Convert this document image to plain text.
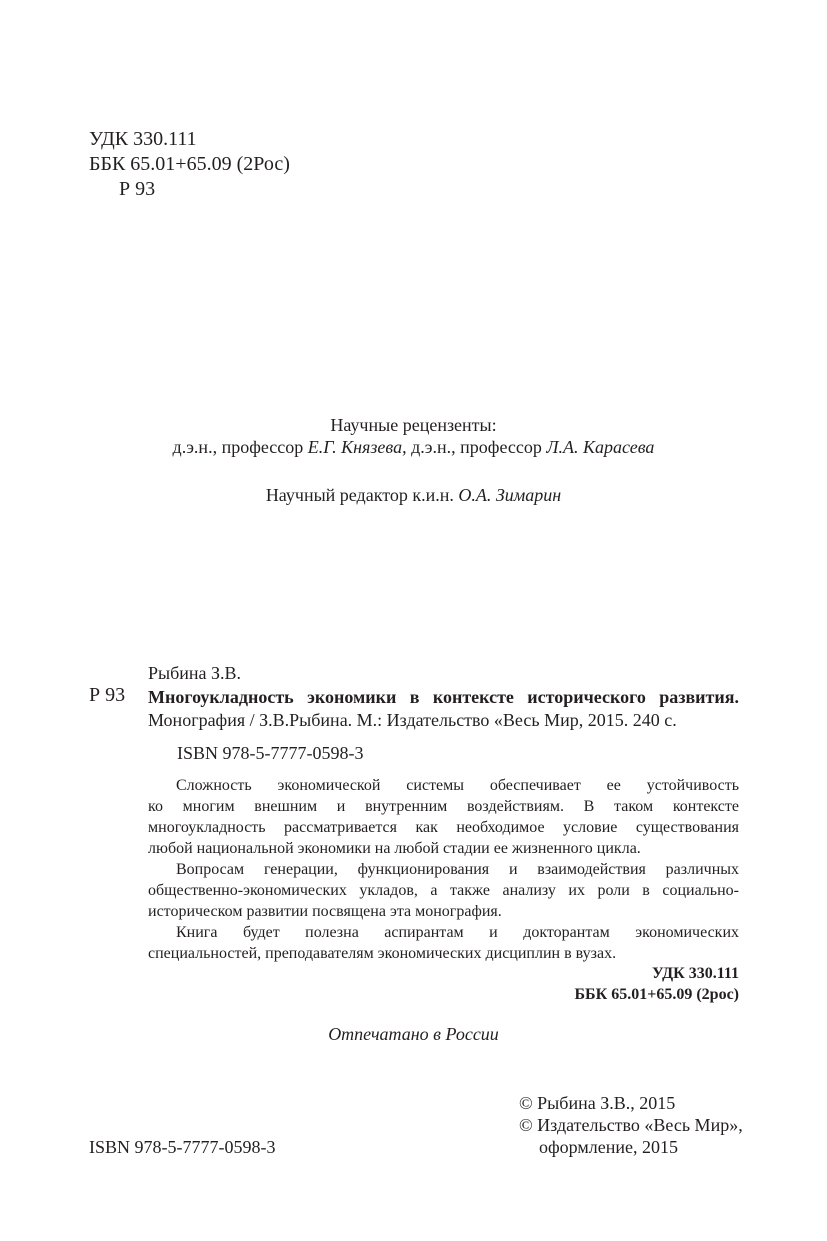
УДК 330.111
ББК 65.01+65.09 (2Рос)
Р 93
Научные рецензенты:
д.э.н., профессор Е.Г. Князева, д.э.н., профессор Л.А. Карасева
Научный редактор к.и.н. О.А. Зимарин
Рыбина З.В.
Р 93 Многоукладность экономики в контексте исторического развития.
Монография / З.В.Рыбина. М.: Издательство «Весь Мир, 2015. 240 с.
ISBN 978-5-7777-0598-3
Сложность экономической системы обеспечивает ее устойчивость
ко многим внешним и внутренним воздействиям. В таком контексте
многоукладность рассматривается как необходимое условие существования
любой национальной экономики на любой стадии ее жизненного цикла.
Вопросам генерации, функционирования и взаимодействия различных
общественно-экономических укладов, а также анализу их роли в социально-
историческом развитии посвящена эта монография.
Книга будет полезна аспирантам и докторантам экономических
специальностей, преподавателям экономических дисциплин в вузах.
УДК 330.111
ББК 65.01+65.09 (2рос)
Отпечатано в России
© Рыбина З.В., 2015
© Издательство «Весь Мир»,
оформление, 2015
ISBN 978-5-7777-0598-3
